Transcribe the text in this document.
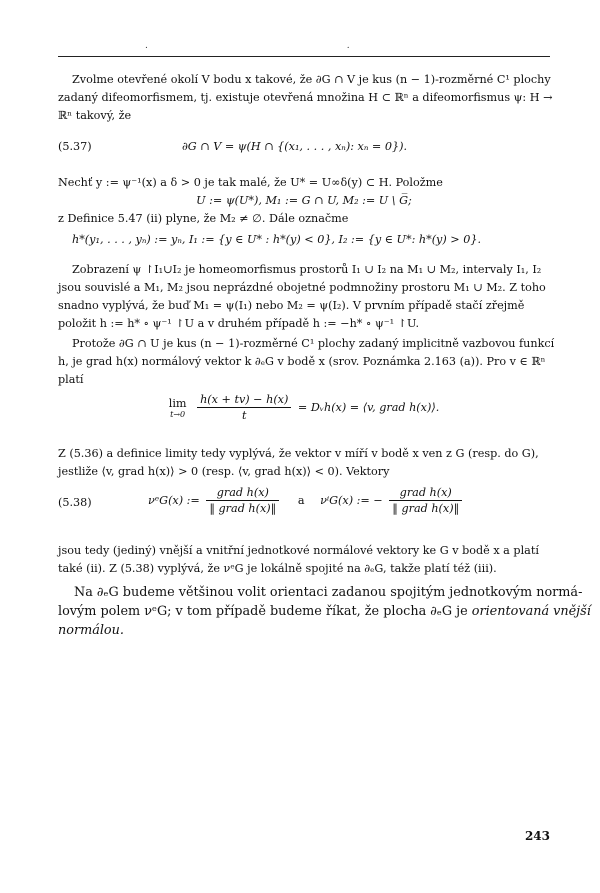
. .
Zvolme otevřené okolí V bodu x takové, že ∂G ∩ V je kus (n − 1)-rozměrné C¹ plochy
zadaný difeomorfismem, tj. existuje otevřená množina H ⊂ ℝⁿ a difeomorfismus ψ: H →
ℝⁿ takový, že
(5.37)	∂G ∩ V = ψ(H ∩ {(x₁, . . . , xₙ): xₙ = 0}).
Nechť y := ψ⁻¹(x) a δ > 0 je tak malé, že U* = U∞δ(y) ⊂ H. Položme
U := ψ(U*), M₁ := G ∩ U, M₂ := U \ G̅;
z Definice 5.47 (ii) plyne, že M₂ ≠ ∅. Dále označme
h*(y₁, . . . , yₙ) := yₙ, I₁ := {y ∈ U* : h*(y) < 0}, I₂ := {y ∈ U*: h*(y) > 0}.
Zobrazení ψ ↾I₁∪I₂ je homeomorfismus prostorů I₁ ∪ I₂ na M₁ ∪ M₂, intervaly I₁, I₂
jsou souvislé a M₁, M₂ jsou neprázdné obojetné podmnožiny prostoru M₁ ∪ M₂. Z toho
snadno vyplývá, že buď M₁ = ψ(I₁) nebo M₂ = ψ(I₂). V prvním případě stačí zřejmě
položit h := h* ∘ ψ⁻¹ ↾U a v druhém případě h := −h* ∘ ψ⁻¹ ↾U.
Protože ∂G ∩ U je kus (n − 1)-rozměrné C¹ plochy zadaný implicitně vazbovou funkcí
h, je grad h(x) normálový vektor k ∂ₑG v bodě x (srov. Poznámka 2.163 (a)). Pro v ∈ ℝⁿ
platí
lim
t→0
$\frac{h(x + tv) - h(x)}{t}$ = Dᵥh(x) = ⟨v, grad h(x)⟩.
Z (5.36) a definice limity tedy vyplývá, že vektor v míří v bodě x ven z G (resp. do G),
jestliže ⟨v, grad h(x)⟩ > 0 (resp. ⟨v, grad h(x)⟩ < 0). Vektory
(5.38)	νᵉG(x) := $\frac{\text{grad h(x)}}{\text{‖ grad h(x)‖}}$ a νⁱG(x) := − $\frac{\text{grad h(x)}}{\text{‖ grad h(x)‖}}$
jsou tedy (jediný) vnější a vnitřní jednotkové normálové vektory ke G v bodě x a platí
také (ii). Z (5.38) vyplývá, že νᵉG je lokálně spojité na ∂ₑG, takže platí též (iii).
Na ∂ₑG budeme většinou volit orientaci zadanou spojitým jednotkovým normá-
lovým polem νᵉG; v tom případě budeme říkat, že plocha ∂ₑG je orientovaná vnější
normálou.
243
